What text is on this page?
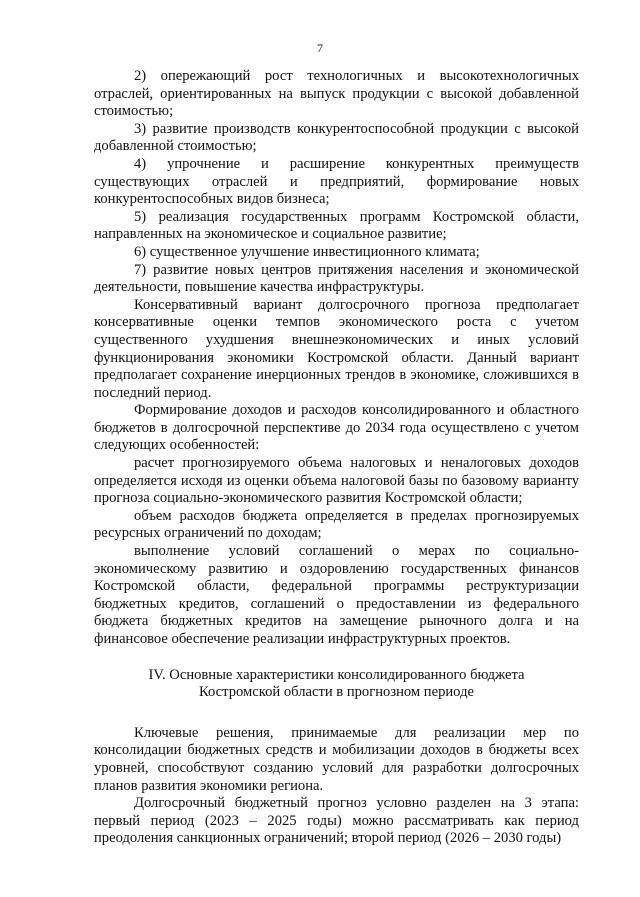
7

2) опережающий рост технологичных и высокотехнологичных отраслей, ориентированных на выпуск продукции с высокой добавленной стоимостью;

3) развитие производств конкурентоспособной продукции с высокой добавленной стоимостью;

4) упрочнение и расширение конкурентных преимуществ существующих отраслей и предприятий, формирование новых конкурентоспособных видов бизнеса;

5) реализация государственных программ Костромской области, направленных на экономическое и социальное развитие;

6) существенное улучшение инвестиционного климата;

7) развитие новых центров притяжения населения и экономической деятельности, повышение качества инфраструктуры.

Консервативный вариант долгосрочного прогноза предполагает консервативные оценки темпов экономического роста с учетом существенного ухудшения внешнеэкономических и иных условий функционирования экономики Костромской области. Данный вариант предполагает сохранение инерционных трендов в экономике, сложившихся в последний период.

Формирование доходов и расходов консолидированного и областного бюджетов в долгосрочной перспективе до 2034 года осуществлено с учетом следующих особенностей:

расчет прогнозируемого объема налоговых и неналоговых доходов определяется исходя из оценки объема налоговой базы по базовому варианту прогноза социально-экономического развития Костромской области;

объем расходов бюджета определяется в пределах прогнозируемых ресурсных ограничений по доходам;

выполнение условий соглашений о мерах по социально-экономическому развитию и оздоровлению государственных финансов Костромской области, федеральной программы реструктуризации бюджетных кредитов, соглашений о предоставлении из федерального бюджета бюджетных кредитов на замещение рыночного долга и на финансовое обеспечение реализации инфраструктурных проектов.

IV. Основные характеристики консолидированного бюджета
Костромской области в прогнозном периоде

Ключевые решения, принимаемые для реализации мер по консолидации бюджетных средств и мобилизации доходов в бюджеты всех уровней, способствуют созданию условий для разработки долгосрочных планов развития экономики региона.

Долгосрочный бюджетный прогноз условно разделен на 3 этапа: первый период (2023 – 2025 годы) можно рассматривать как период преодоления санкционных ограничений; второй период (2026 – 2030 годы)
